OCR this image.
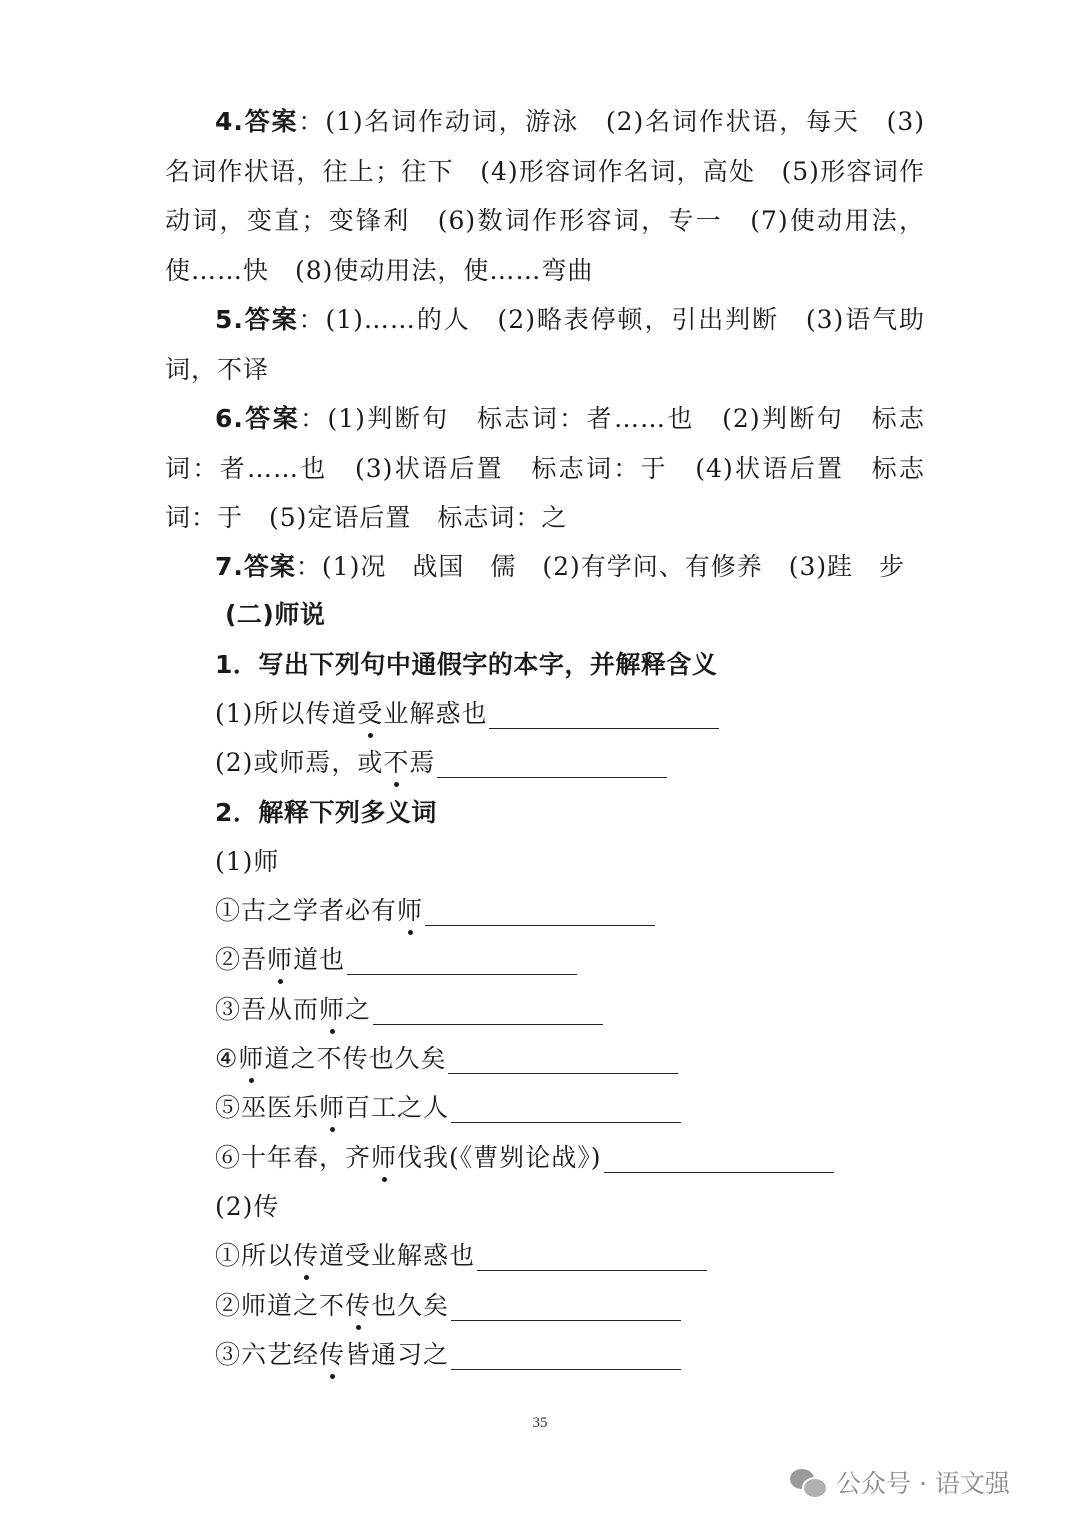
4.答案：(1)名词作动词，游泳　(2)名词作状语，每天　(3)名词作状语，往上；往下　(4)形容词作名词，高处　(5)形容词作动词，变直；变锋利　(6)数词作形容词，专一　(7)使动用法，使……快　(8)使动用法，使……弯曲
5.答案：(1)……的人　(2)略表停顿，引出判断　(3)语气助词，不译
6.答案：(1)判断句　标志词：者……也　(2)判断句　标志词：者……也　(3)状语后置　标志词：于　(4)状语后置　标志词：于　(5)定语后置　标志词：之
7.答案：(1)况　战国　儒　(2)有学问、有修养　(3)跬　步
(二)师说
1．写出下列句中通假字的本字，并解释含义
(1)所以传道 受 业解惑也
(2)或师焉，或 不 焉
2．解释下列多义词
(1)师
①古之学者必有 师
②吾 师 道也
③吾从而 师 之
④ 师 道之不传也久矣
⑤巫医乐 师 百工之人
⑥十年春，齐 师 伐我(《曹刿论战》)
(2)传
①所以 传 道受业解惑也
②师道之不 传 也久矣
③六艺经 传 皆通习之
35
公众号 · 语文强
